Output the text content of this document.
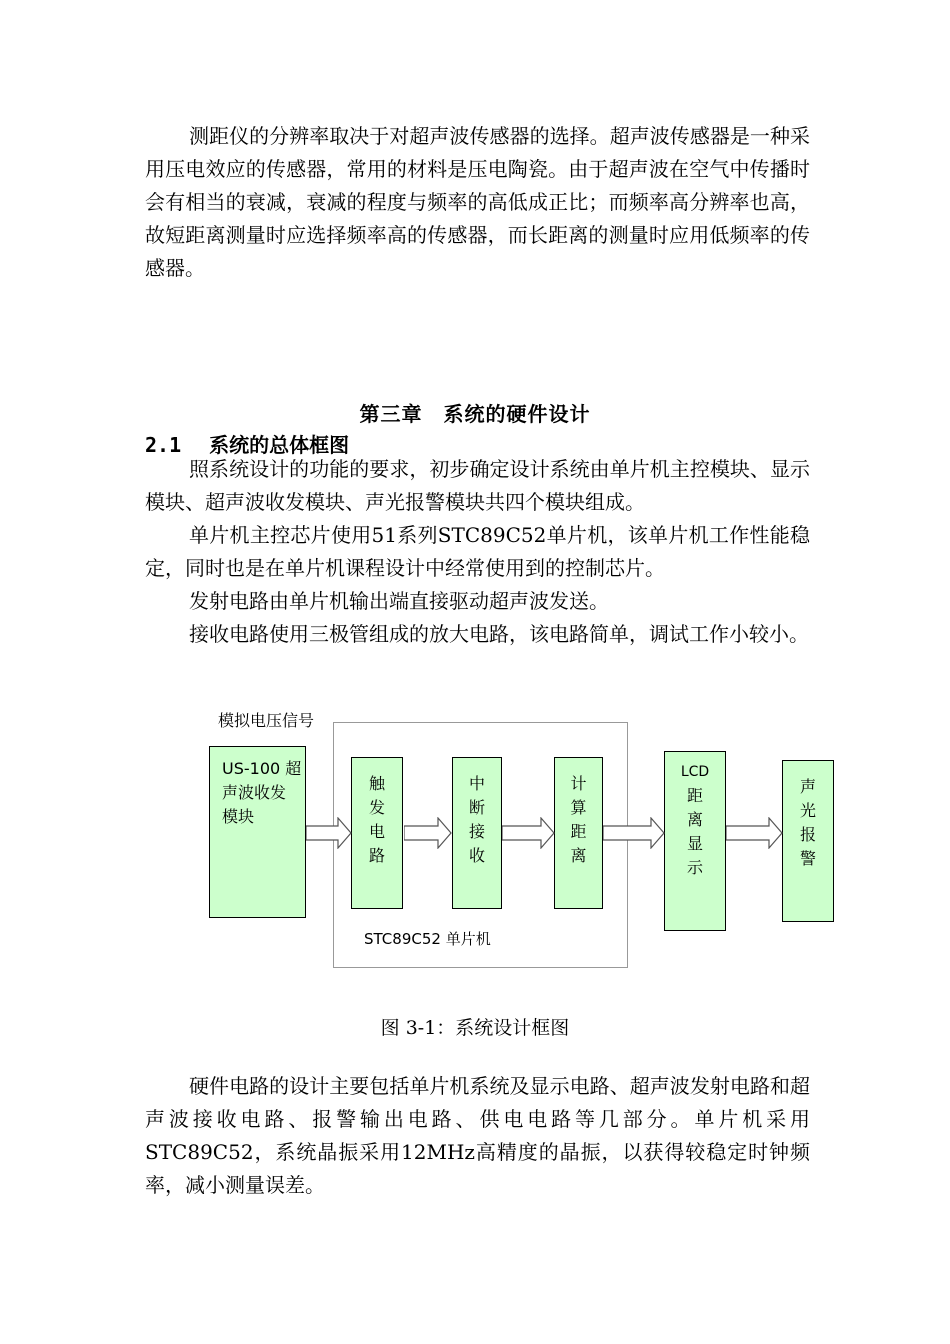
测距仪的分辨率取决于对超声波传感器的选择。超声波传感器是一种采用压电效应的传感器，常用的材料是压电陶瓷。由于超声波在空气中传播时会有相当的衰减，衰减的程度与频率的高低成正比；而频率高分辨率也高，故短距离测量时应选择频率高的传感器，而长距离的测量时应用低频率的传感器。

第三章　系统的硬件设计
2.1 系统的总体框图

照系统设计的功能的要求，初步确定设计系统由单片机主控模块、显示模块、超声波收发模块、声光报警模块共四个模块组成。

单片机主控芯片使用51系列STC89C52单片机，该单片机工作性能稳定，同时也是在单片机课程设计中经常使用到的控制芯片。

发射电路由单片机输出端直接驱动超声波发送。

接收电路使用三极管组成的放大电路，该电路简单，调试工作小较小。

模拟电压信号
STC89C52 单片机
US-100 超
声波收发
模块
触
发
电
路
中
断
接
收
计
算
距
离
LCD
距
离
显
示
声
光
报
警
图 3-1：系统设计框图

硬件电路的设计主要包括单片机系统及显示电路、超声波发射电路和超声波接收电路、报警输出电路、供电电路等几部分。单片机采用STC89C52，系统晶振采用12MHz高精度的晶振，以获得较稳定时钟频率，减小测量误差。
